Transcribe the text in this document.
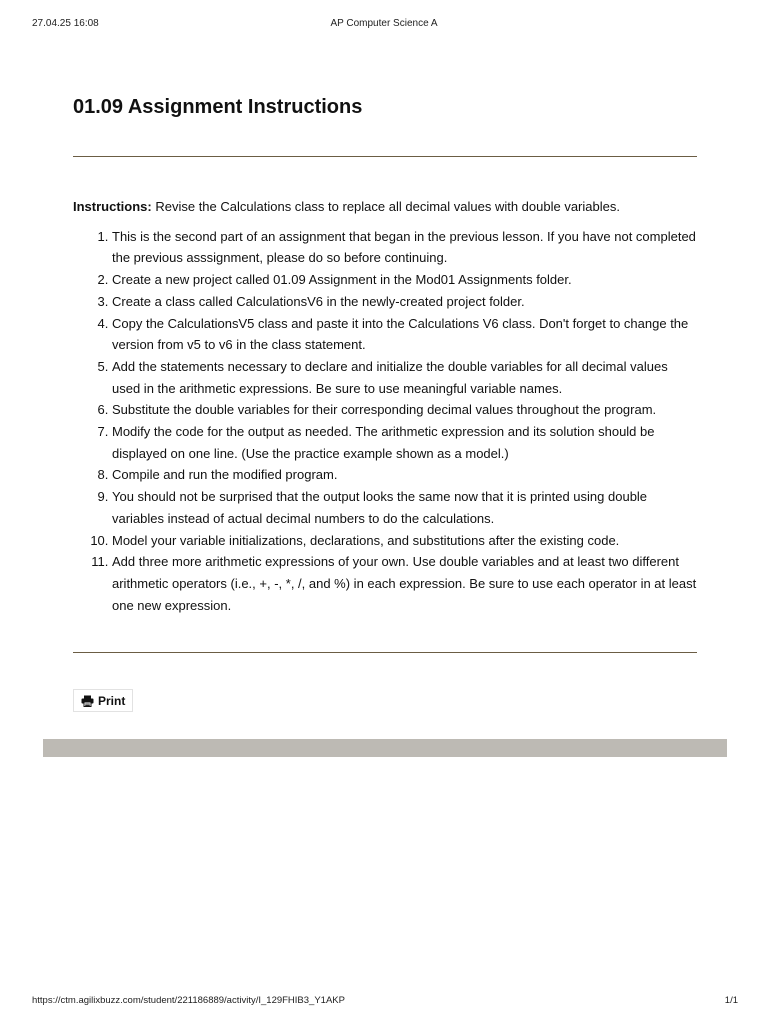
27.04.25 16:08	AP Computer Science A
01.09 Assignment Instructions

Instructions: Revise the Calculations class to replace all decimal values with double variables.

1. This is the second part of an assignment that began in the previous lesson. If you have not completed the previous asssignment, please do so before continuing.
2. Create a new project called 01.09 Assignment in the Mod01 Assignments folder.
3. Create a class called CalculationsV6 in the newly-created project folder.
4. Copy the CalculationsV5 class and paste it into the Calculations V6 class. Don't forget to change the version from v5 to v6 in the class statement.
5. Add the statements necessary to declare and initialize the double variables for all decimal values used in the arithmetic expressions. Be sure to use meaningful variable names.
6. Substitute the double variables for their corresponding decimal values throughout the program.
7. Modify the code for the output as needed. The arithmetic expression and its solution should be displayed on one line. (Use the practice example shown as a model.)
8. Compile and run the modified program.
9. You should not be surprised that the output looks the same now that it is printed using double variables instead of actual decimal numbers to do the calculations.
10. Model your variable initializations, declarations, and substitutions after the existing code.
11. Add three more arithmetic expressions of your own. Use double variables and at least two different arithmetic operators (i.e., +, -, *, /, and %) in each expression. Be sure to use each operator in at least one new expression.
Print
https://ctm.agilixbuzz.com/student/221186889/activity/I_129FHIB3_Y1AKP	1/1
